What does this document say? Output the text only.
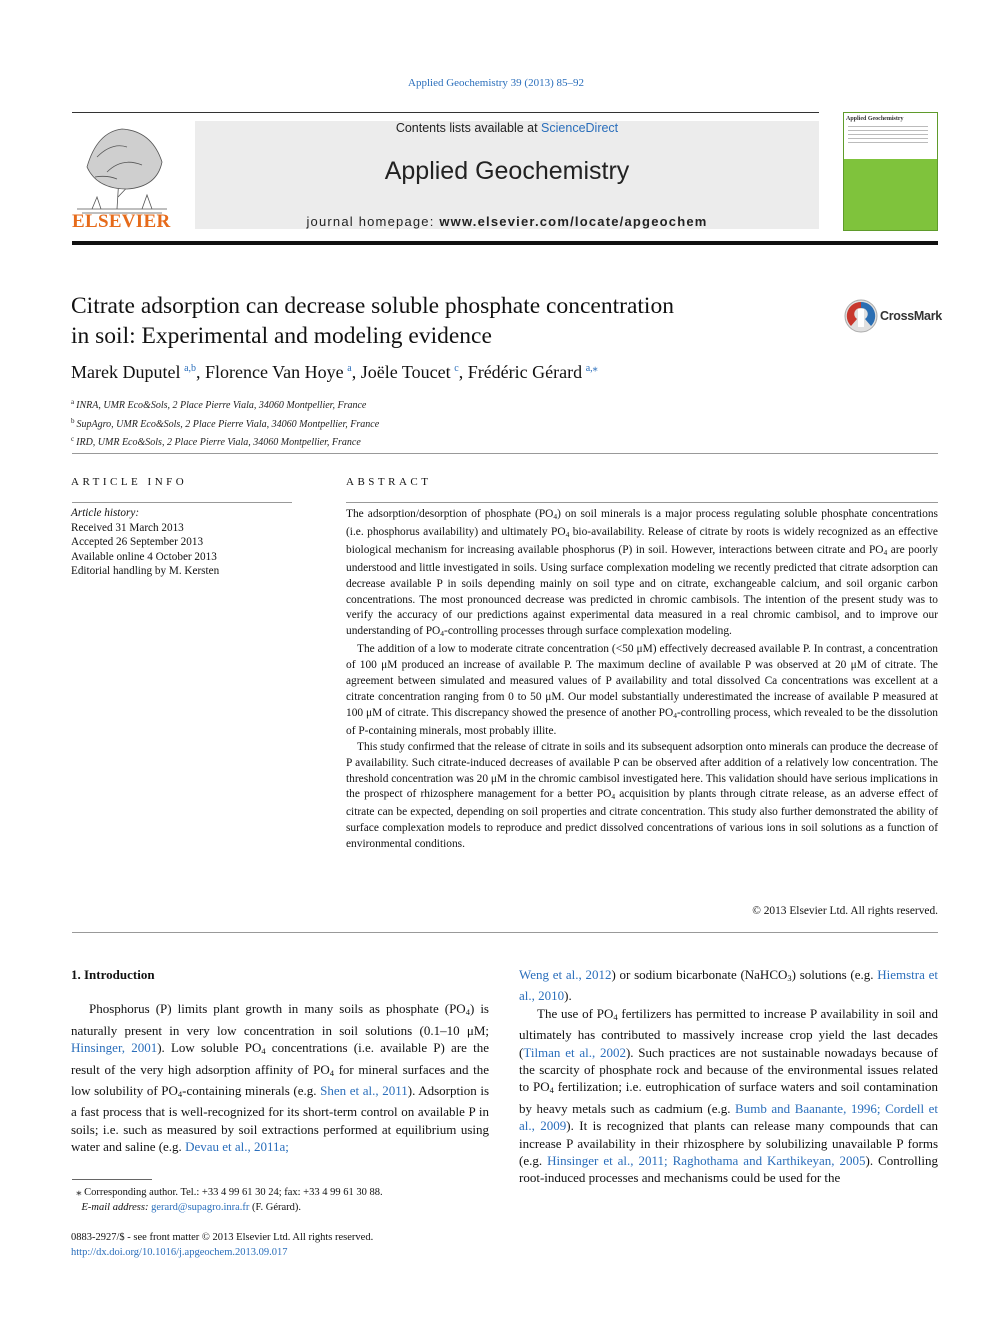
Applied Geochemistry 39 (2013) 85–92
Contents lists available at ScienceDirect
Applied Geochemistry
journal homepage: www.elsevier.com/locate/apgeochem
ELSEVIER
Applied Geochemistry
Citrate adsorption can decrease soluble phosphate concentration
in soil: Experimental and modeling evidence
CrossMark
Marek Duputel  $^{a,b}$, Florence Van Hoye  $^a$, Joële Toucet  $^c$, Frédéric Gérard  $^{a,⁎}$
$^a$  INRA, UMR Eco&Sols, 2 Place Pierre Viala, 34060 Montpellier, France
$^b$  SupAgro, UMR Eco&Sols, 2 Place Pierre Viala, 34060 Montpellier, France
$^c$  IRD, UMR Eco&Sols, 2 Place Pierre Viala, 34060 Montpellier, France
ARTICLE INFO	ABSTRACT
Article history:
Received 31 March 2013
Accepted 26 September 2013
Available online 4 October 2013
Editorial handling by M. Kersten

The adsorption/desorption of phosphate $(PO_4)$ on soil minerals is a major process regulating soluble phosphate concentrations (i.e. phosphorus availability) and ultimately $PO_4$ bio-availability. Release of citrate by roots is widely recognized as an effective biological mechanism for increasing available phosphorus (P) in soil. However, interactions between citrate and $PO_4$ are poorly understood and little investigated in soils. Using surface complexation modeling we recently predicted that citrate adsorption can decrease available P in soils depending mainly on soil type and on citrate, exchangeable calcium, and soil organic carbon concentrations. The most pronounced decrease was predicted in chromic cambisols. The intention of the present study was to verify the accuracy of our predictions against experimental data measured in a real chromic cambisol, and to improve our understanding of $PO_4$-controlling processes through surface complexation modeling.

The addition of a low to moderate citrate concentration (<50 μM) effectively decreased available P. In contrast, a concentration of 100 μM produced an increase of available P. The maximum decline of available P was observed at 20 μM of citrate. The agreement between simulated and measured values of P availability and total dissolved Ca concentrations was excellent at a citrate concentration ranging from 0 to 50 μM. Our model substantially underestimated the increase of available P measured at 100 μM of citrate. This discrepancy showed the presence of another $PO_4$-controlling process, which revealed to be the dissolution of P-containing minerals, most probably illite.

This study confirmed that the release of citrate in soils and its subsequent adsorption onto minerals can produce the decrease of P availability. Such citrate-induced decreases of available P can be observed after addition of a relatively low concentration. The threshold concentration was 20 μM in the chromic cambisol investigated here. This validation should have serious implications in the prospect of rhizosphere management for a better $PO_4$ acquisition by plants through citrate release, as an adverse effect of citrate can be expected, depending on soil properties and citrate concentration. This study also further demonstrated the ability of surface complexation models to reproduce and predict dissolved concentrations of various ions in soil solutions as a function of environmental conditions.

© 2013 Elsevier Ltd. All rights reserved.
1. Introduction

Phosphorus (P) limits plant growth in many soils as phosphate $(PO_4)$ is naturally present in very low concentration in soil solutions (0.1–10 μM; Hinsinger, 2001). Low soluble $PO_4$ concentrations (i.e. available P) are the result of the very high adsorption affinity of $PO_4$ for mineral surfaces and the low solubility of $PO_4$-containing minerals (e.g. Shen et al., 2011). Adsorption is a fast process that is well-recognized for its short-term control on available P in soils; i.e. such as measured by soil extractions performed at equilibrium using water and saline (e.g. Devau et al., 2011a;

Weng et al., 2012) or sodium bicarbonate (NaHCO$_3$) solutions (e.g. Hiemstra et al., 2010).

The use of $PO_4$ fertilizers has permitted to increase P availability in soil and ultimately has contributed to massively increase crop yield the last decades (Tilman et al., 2002). Such practices are not sustainable nowadays because of the scarcity of phosphate rock and because of the environmental issues related to $PO_4$ fertilization; i.e. eutrophication of surface waters and soil contamination by heavy metals such as cadmium (e.g. Bumb and Baanante, 1996; Cordell et al., 2009). It is recognized that plants can release many compounds that can increase P availability in their rhizosphere by solubilizing unavailable P forms (e.g. Hinsinger et al., 2011; Raghothama and Karthikeyan, 2005). Controlling root-induced processes and mechanisms could be used for the

⁎ Corresponding author. Tel.: +33 4 99 61 30 24; fax: +33 4 99 61 30 88.
E-mail address: gerard@supagro.inra.fr (F. Gérard).
0883-2927/$ - see front matter © 2013 Elsevier Ltd. All rights reserved.
http://dx.doi.org/10.1016/j.apgeochem.2013.09.017
